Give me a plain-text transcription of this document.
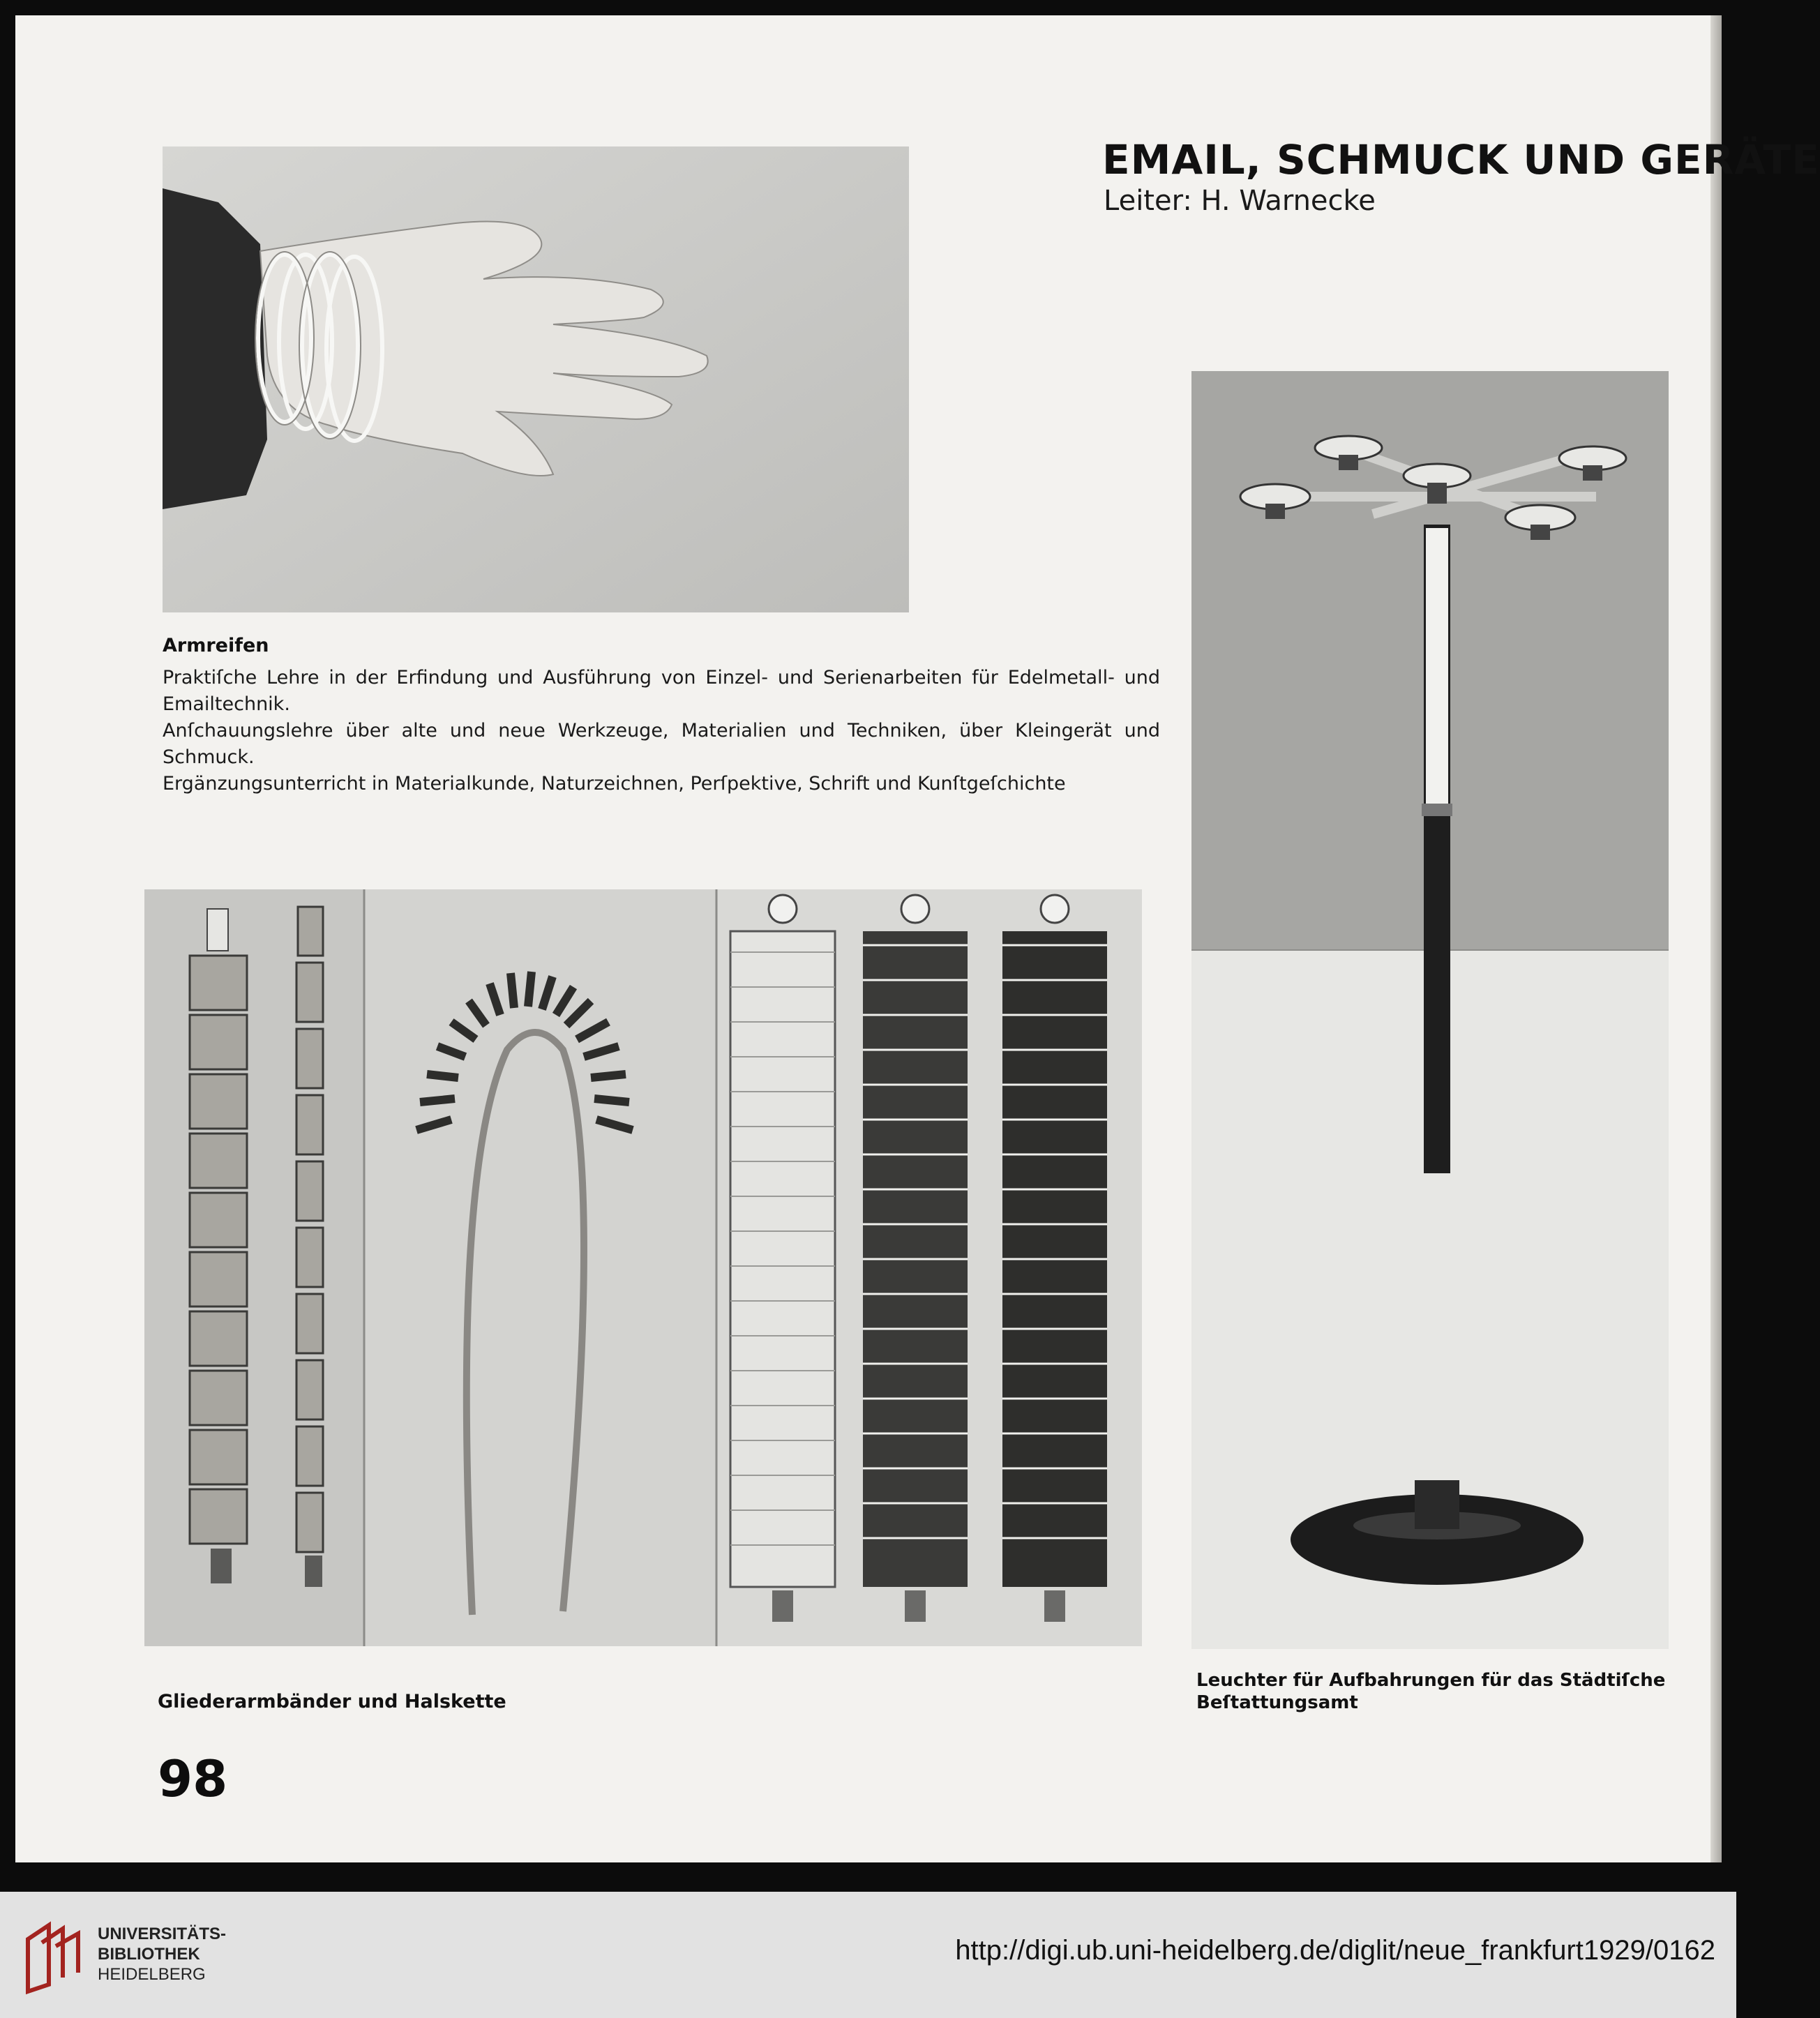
EMAIL, SCHMUCK UND GERÄTE
Leiter: H. Warnecke
Armreifen

Praktiſche Lehre in der Erfindung und Ausführung von Einzel- und Serienarbeiten für Edelmetall- und Emailtechnik.

Anſchauungslehre über alte und neue Werkzeuge, Materialien und Techniken, über Kleingerät und Schmuck.

Ergänzungsunterricht in Materialkunde, Naturzeichnen, Perſpektive, Schrift und Kunſtgeſchichte

Gliederarmbänder und Halskette
Leuchter für Aufbahrungen für das Städtiſche
Beſtattungsamt
98
UNIVERSITÄTS-
BIBLIOTHEK
HEIDELBERG
http://digi.ub.uni-heidelberg.de/diglit/neue_frankfurt1929/0162
